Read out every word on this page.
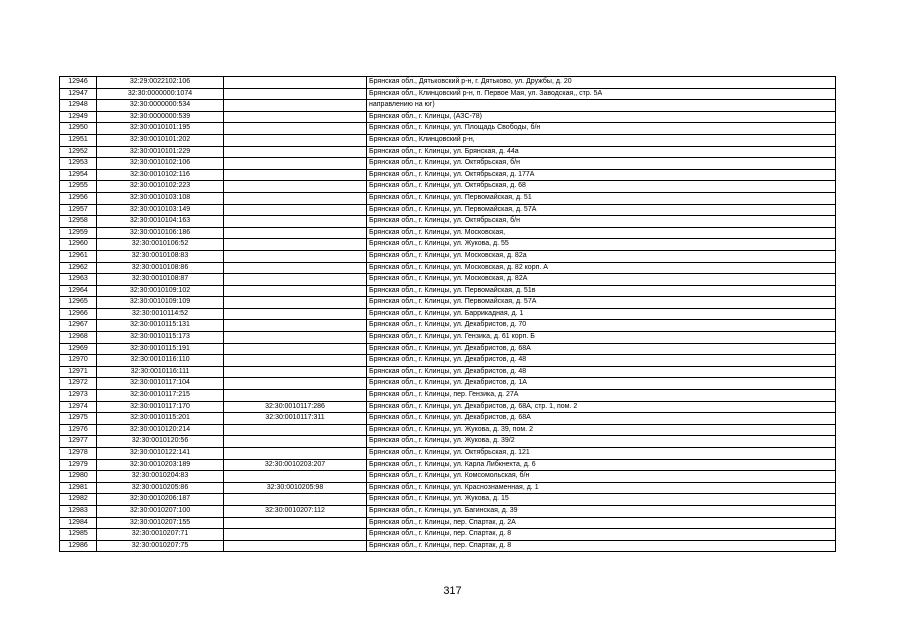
12946	32:29:0022102:106		Брянская обл., Дятьковский р-н, г. Дятьково, ул. Дружбы, д. 20
12947	32:30:0000000:1074		Брянская обл., Клинцовский р-н, п. Первое Мая, ул. Заводская,, стр. 5А
12948	32:30:0000000:534		направлению на юг)
12949	32:30:0000000:539		Брянская обл., г. Клинцы, (АЗС-78)
12950	32:30:0010101:195		Брянская обл., г. Клинцы, ул. Площадь Свободы, б/н
12951	32:30:0010101:202		Брянская обл., Клинцовский р-н,
12952	32:30:0010101:229		Брянская обл., г. Клинцы, ул. Брянская, д. 44а
12953	32:30:0010102:106		Брянская обл., г. Клинцы, ул. Октябрьская, б/н
12954	32:30:0010102:116		Брянская обл., г. Клинцы, ул. Октябрьская, д. 177А
12955	32:30:0010102:223		Брянская обл., г. Клинцы, ул. Октябрьская, д. 68
12956	32:30:0010103:108		Брянская обл., г. Клинцы, ул. Первомайская, д. 51
12957	32:30:0010103:149		Брянская обл., г. Клинцы, ул. Первомайская, д. 57А
12958	32:30:0010104:163		Брянская обл., г. Клинцы, ул. Октябрьская, б/н
12959	32:30:0010106:186		Брянская обл., г. Клинцы, ул. Московская,
12960	32:30:0010106:52		Брянская обл., г. Клинцы, ул. Жукова, д. 55
12961	32:30:0010108:83		Брянская обл., г. Клинцы, ул. Московская, д. 82а
12962	32:30:0010108:86		Брянская обл., г. Клинцы, ул. Московская, д. 82 корп. А
12963	32:30:0010108:87		Брянская обл., г. Клинцы, ул. Московская, д. 82А
12964	32:30:0010109:102		Брянская обл., г. Клинцы, ул. Первомайская, д. 51в
12965	32:30:0010109:109		Брянская обл., г. Клинцы, ул. Первомайская, д. 57А
12966	32:30:0010114:52		Брянская обл., г. Клинцы, ул. Баррикадная, д. 1
12967	32:30:0010115:131		Брянская обл., г. Клинцы, ул. Декабристов, д. 70
12968	32:30:0010115:173		Брянская обл., г. Клинцы, ул. Гензика, д. 61 корп. Б
12969	32:30:0010115:191		Брянская обл., г. Клинцы, ул. Декабристов, д. 68А
12970	32:30:0010116:110		Брянская обл., г. Клинцы, ул. Декабристов, д. 48
12971	32:30:0010116:111		Брянская обл., г. Клинцы, ул. Декабристов, д. 48
12972	32:30:0010117:104		Брянская обл., г. Клинцы, ул. Декабристов, д. 1А
12973	32:30:0010117:215		Брянская обл., г. Клинцы, пер. Гензика, д. 27А
12974	32:30:0010117:170	32:30:0010117:286	Брянская обл., г. Клинцы, ул. Декабристов, д. 68А, стр. 1, пом. 2
12975	32:30:0010115:201	32:30:0010117:311	Брянская обл., г. Клинцы, ул. Декабристов, д. 68А
12976	32:30:0010120:214		Брянская обл., г. Клинцы, ул. Жукова, д. 39, пом. 2
12977	32:30:0010120:56		Брянская обл., г. Клинцы, ул. Жукова, д. 39/2
12978	32:30:0010122:141		Брянская обл., г. Клинцы, ул. Октябрьская, д. 121
12979	32:30:0010203:189	32:30:0010203:207	Брянская обл., г. Клинцы, ул. Карла Либкнехта, д. 6
12980	32:30:0010204:83		Брянская обл., г. Клинцы, ул. Комсомольская, б/н
12981	32:30:0010205:86	32:30:0010205:98	Брянская обл., г. Клинцы, ул. Краснознаменная, д. 1
12982	32:30:0010206:187		Брянская обл., г. Клинцы, ул. Жукова, д. 15
12983	32:30:0010207:100	32:30:0010207:112	Брянская обл., г. Клинцы, ул. Багинская, д. 39
12984	32:30:0010207:155		Брянская обл., г. Клинцы, пер. Спартак, д. 2А
12985	32:30:0010207:71		Брянская обл., г. Клинцы, пер. Спартак, д. 8
12986	32:30:0010207:75		Брянская обл., г. Клинцы, пер. Спартак, д. 8
317
